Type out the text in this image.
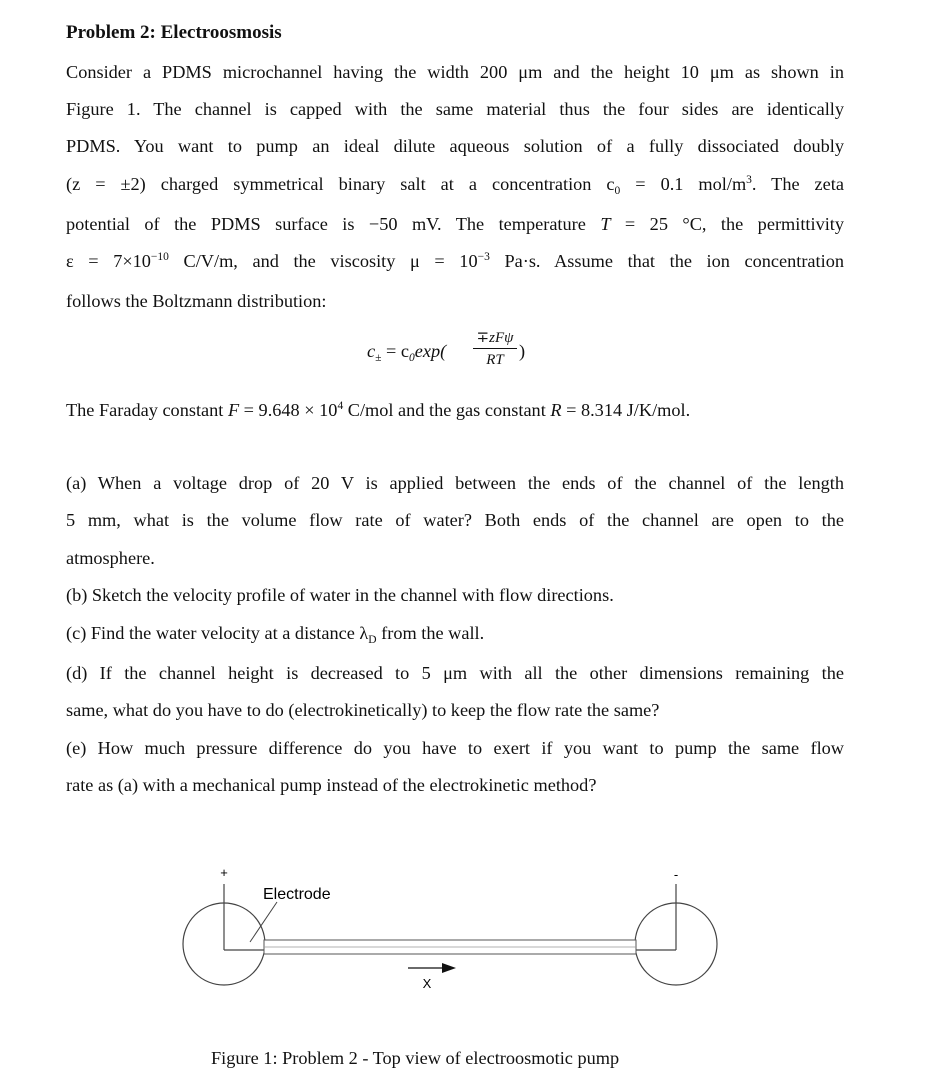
Problem 2: Electroosmosis
Consider a PDMS microchannel having the width 200 μm and the height 10 μm as shown in
Figure 1. The channel is capped with the same material thus the four sides are identically
PDMS. You want to pump an ideal dilute aqueous solution of a fully dissociated doubly
(z = ±2) charged symmetrical binary salt at a concentration $c_0 = 0.1$ mol/$m^3$. The zeta
potential of the PDMS surface is −50 mV. The temperature T = 25 °C, the permittivity
$\varepsilon = 7\times 10^{-10}$ C/V/m, and the viscosity $\mu = 10^{-3}$ Pa·s. Assume that the ion concentration
follows the Boltzmann distribution:
$c_\pm = c_0\exp$(
∓zFψ
RT )
The Faraday constant $F = 9.648 \times 10^4$ C/mol and the gas constant R = 8.314 J/K/mol.
(a) When a voltage drop of 20 V is applied between the ends of the channel of the length
5 mm, what is the volume flow rate of water? Both ends of the channel are open to the
atmosphere.
(b) Sketch the velocity profile of water in the channel with flow directions.
(c) Find the water velocity at a distance $\lambda_D$ from the wall.
(d) If the channel height is decreased to 5 μm with all the other dimensions remaining the
same, what do you have to do (electrokinetically) to keep the flow rate the same?
(e) How much pressure difference do you have to exert if you want to pump the same flow
rate as (a) with a mechanical pump instead of the electrokinetic method?
+	-
Electrode
X
Figure 1: Problem 2 - Top view of electroosmotic pump
